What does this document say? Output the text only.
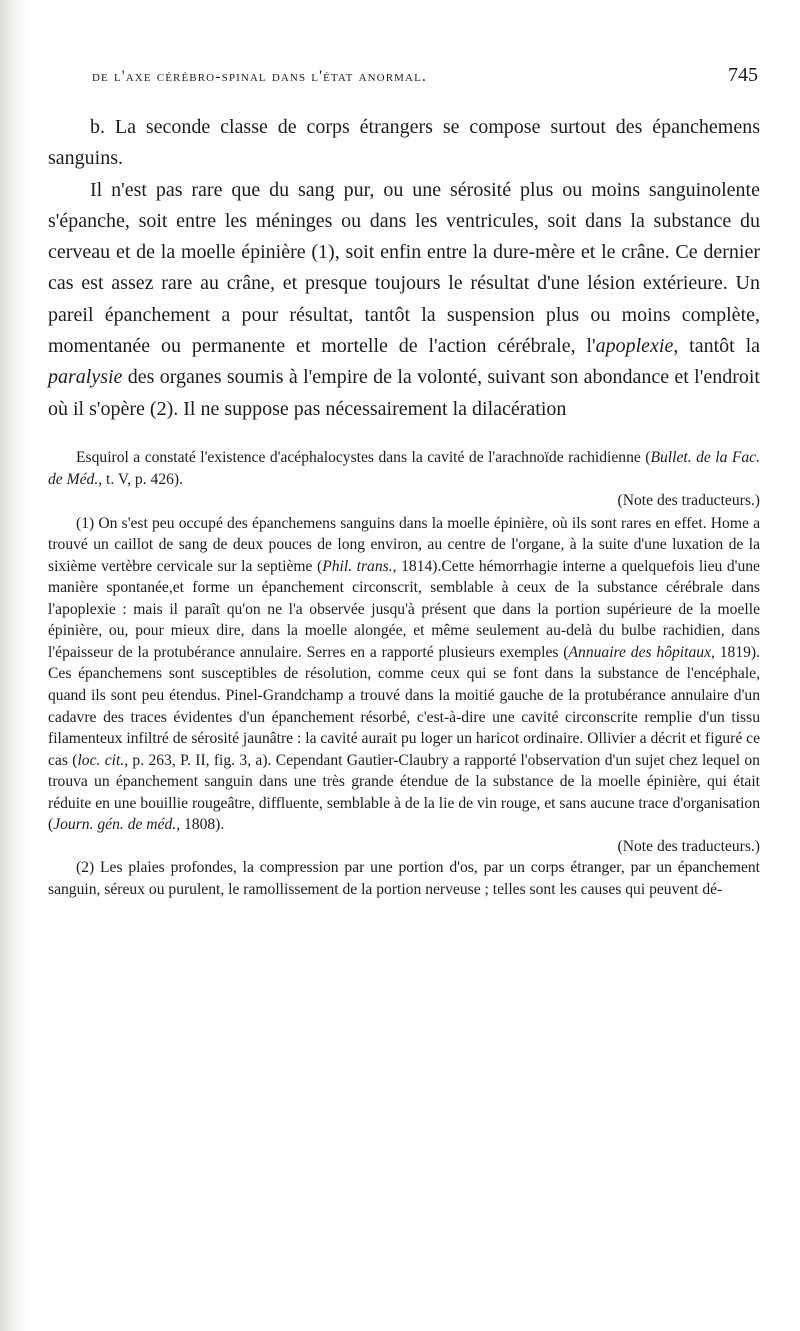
de l'axe cérébro-spinal dans l'état anormal.	745

b. La seconde classe de corps étrangers se compose surtout des épanchemens sanguins.

Il n'est pas rare que du sang pur, ou une sérosité plus ou moins sanguinolente s'épanche, soit entre les méninges ou dans les ventricules, soit dans la substance du cerveau et de la moelle épinière (1), soit enfin entre la dure-mère et le crâne. Ce dernier cas est assez rare au crâne, et presque toujours le résultat d'une lésion extérieure. Un pareil épanchement a pour résultat, tantôt la suspension plus ou moins complète, momentanée ou permanente et mortelle de l'action cérébrale, l'apoplexie, tantôt la paralysie des organes soumis à l'empire de la volonté, suivant son abondance et l'endroit où il s'opère (2). Il ne suppose pas nécessairement la dilacération

Esquirol a constaté l'existence d'acéphalocystes dans la cavité de l'arachnoïde rachidienne (Bullet. de la Fac. de Méd., t. V, p. 426).

(Note des traducteurs.)

(1) On s'est peu occupé des épanchemens sanguins dans la moelle épinière, où ils sont rares en effet. Home a trouvé un caillot de sang de deux pouces de long environ, au centre de l'organe, à la suite d'une luxation de la sixième vertèbre cervicale sur la septième (Phil. trans., 1814).Cette hémorrhagie interne a quelquefois lieu d'une manière spontanée,et forme un épanchement circonscrit, semblable à ceux de la substance cérébrale dans l'apoplexie : mais il paraît qu'on ne l'a observée jusqu'à présent que dans la portion supérieure de la moelle épinière, ou, pour mieux dire, dans la moelle alongée, et même seulement au-delà du bulbe rachidien, dans l'épaisseur de la protubérance annulaire. Serres en a rapporté plusieurs exemples (Annuaire des hôpitaux, 1819). Ces épanchemens sont susceptibles de résolution, comme ceux qui se font dans la substance de l'encéphale, quand ils sont peu étendus. Pinel-Grandchamp a trouvé dans la moitié gauche de la protubérance annulaire d'un cadavre des traces évidentes d'un épanchement résorbé, c'est-à-dire une cavité circonscrite remplie d'un tissu filamenteux infiltré de sérosité jaunâtre : la cavité aurait pu loger un haricot ordinaire. Ollivier a décrit et figuré ce cas (loc. cit., p. 263, P. II, fig. 3, a). Cependant Gautier-Claubry a rapporté l'observation d'un sujet chez lequel on trouva un épanchement sanguin dans une très grande étendue de la substance de la moelle épinière, qui était réduite en une bouillie rougeâtre, diffluente, semblable à de la lie de vin rouge, et sans aucune trace d'organisation (Journ. gén. de méd., 1808).
(Note des traducteurs.)

(2) Les plaies profondes, la compression par une portion d'os, par un corps étranger, par un épanchement sanguin, séreux ou purulent, le ramollissement de la portion nerveuse ; telles sont les causes qui peuvent dé-
